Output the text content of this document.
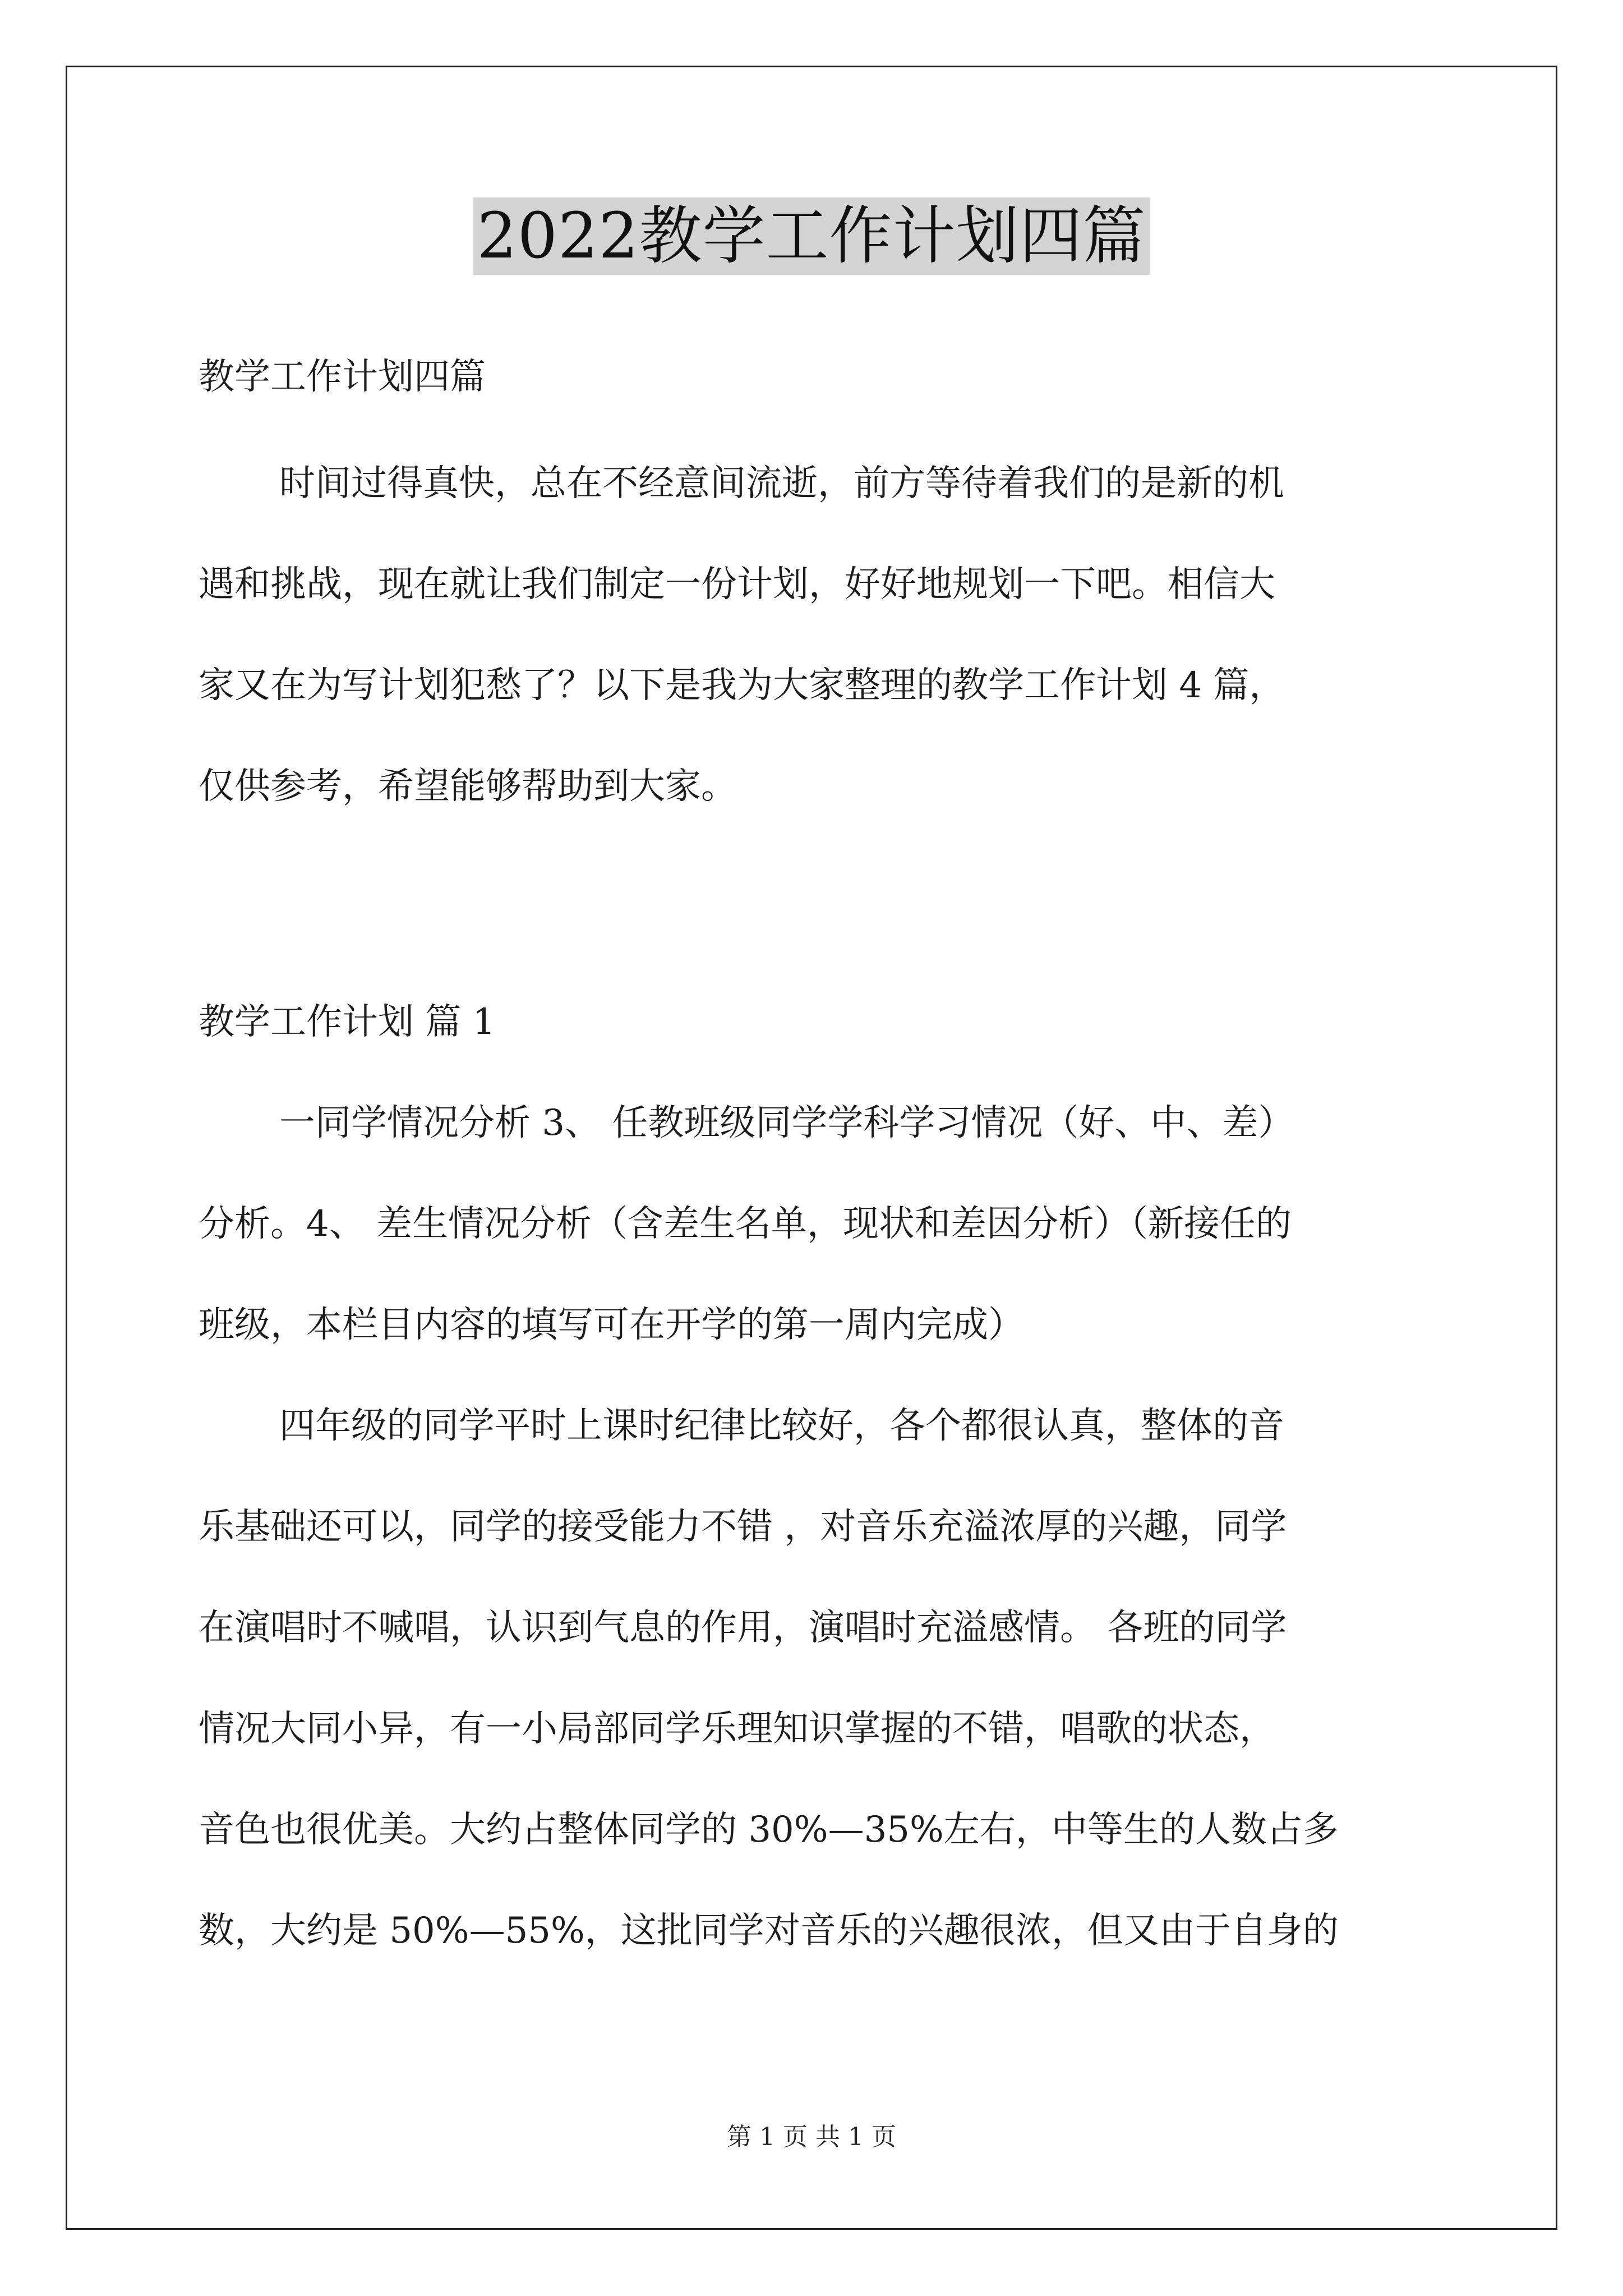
2022教学工作计划四篇
教学工作计划四篇
时间过得真快，总在不经意间流逝，前方等待着我们的是新的机
遇和挑战，现在就让我们制定一份计划，好好地规划一下吧。相信大
家又在为写计划犯愁了？以下是我为大家整理的教学工作计划 4 篇，
仅供参考，希望能够帮助到大家。
教学工作计划 篇 1
一同学情况分析 3、 任教班级同学学科学习情况（好、中、差）
分析。4、 差生情况分析（含差生名单，现状和差因分析）（新接任的
班级，本栏目内容的填写可在开学的第一周内完成）
四年级的同学平时上课时纪律比较好，各个都很认真，整体的音
乐基础还可以，同学的接受能力不错 ，对音乐充溢浓厚的兴趣，同学
在演唱时不喊唱，认识到气息的作用，演唱时充溢感情。 各班的同学
情况大同小异，有一小局部同学乐理知识掌握的不错，唱歌的状态，
音色也很优美。大约占整体同学的 30%—35%左右，中等生的人数占多
数，大约是 50%—55%，这批同学对音乐的兴趣很浓，但又由于自身的
第 1 页 共 1 页
